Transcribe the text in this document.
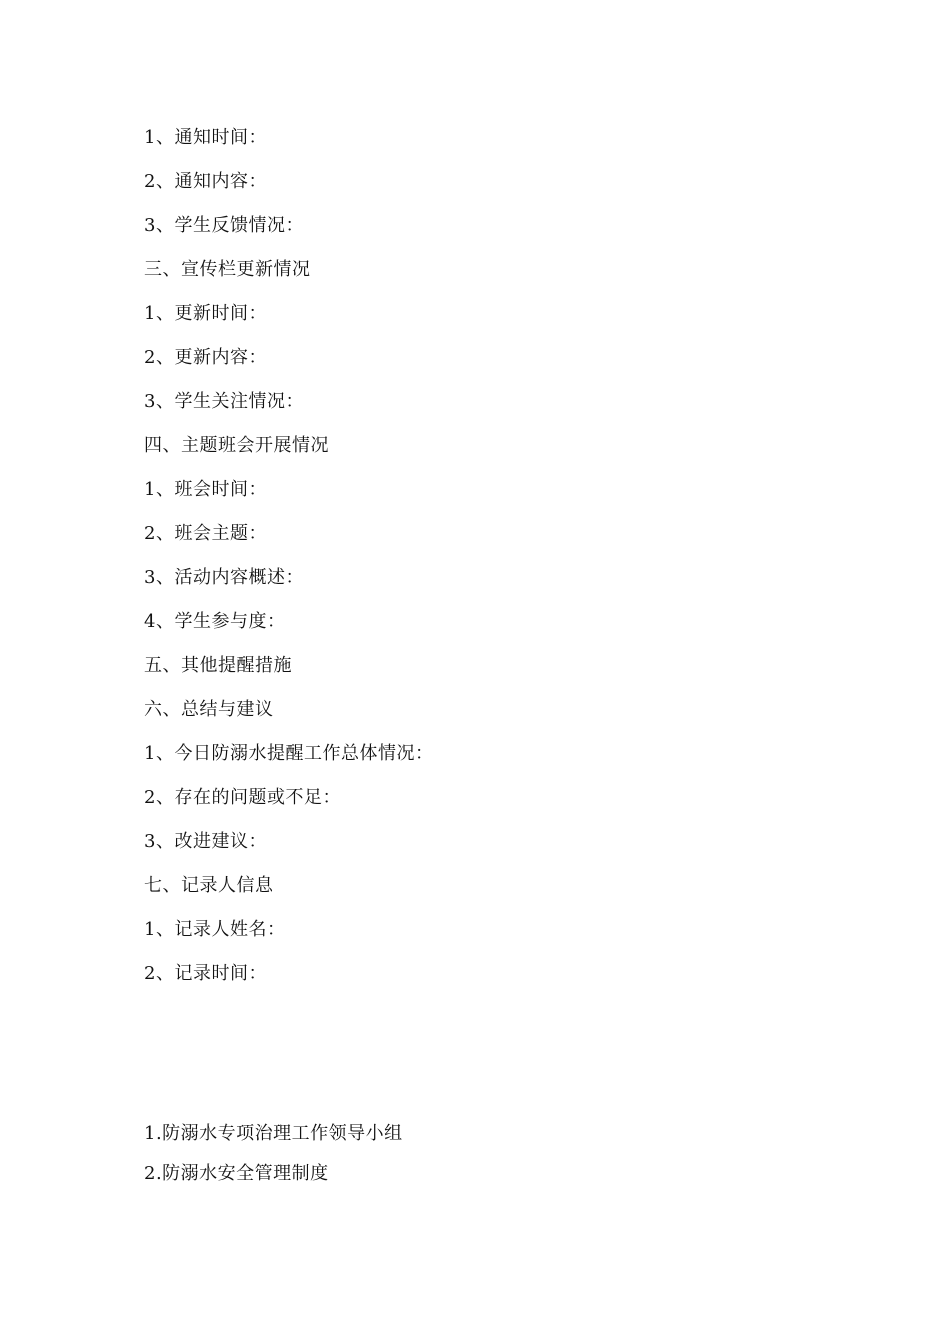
1、通知时间：
2、通知内容：
3、学生反馈情况：
三、宣传栏更新情况
1、更新时间：
2、更新内容：
3、学生关注情况：
四、主题班会开展情况
1、班会时间：
2、班会主题：
3、活动内容概述：
4、学生参与度：
五、其他提醒措施
六、总结与建议
1、今日防溺水提醒工作总体情况：
2、存在的问题或不足：
3、改进建议：
七、记录人信息
1、记录人姓名：
2、记录时间：
1.防溺水专项治理工作领导小组
2.防溺水安全管理制度
